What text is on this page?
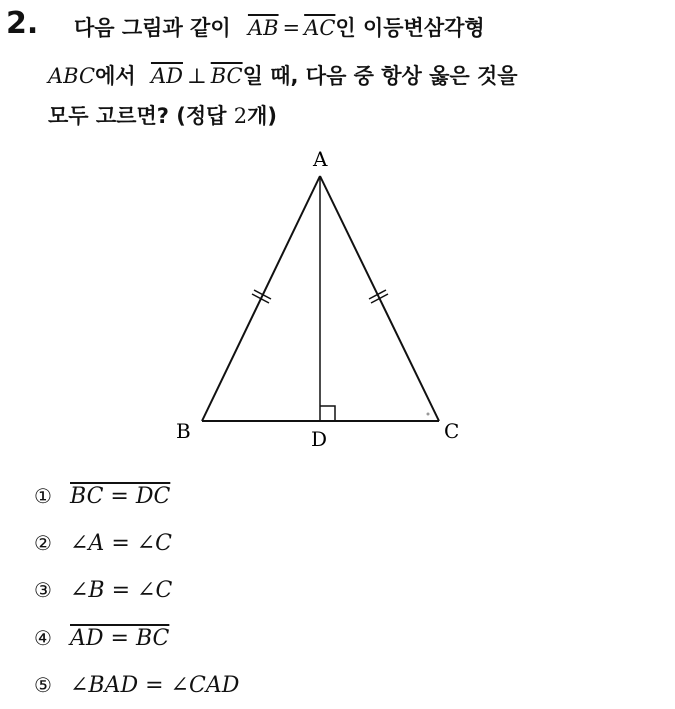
2. 다음 그림과 같이 $\overline{AB} = \overline{AC}$인 이등변삼각형
ABC에서 $\overline{AD}$ ⊥ $\overline{BC}$일 때, 다음 중 항상 옳은 것을
모두 고르면? (정답 2개)
A
B	C
D
① BC = DC
② ∠A = ∠C
③ ∠B = ∠C
④ AD = BC
⑤ ∠BAD = ∠CAD
